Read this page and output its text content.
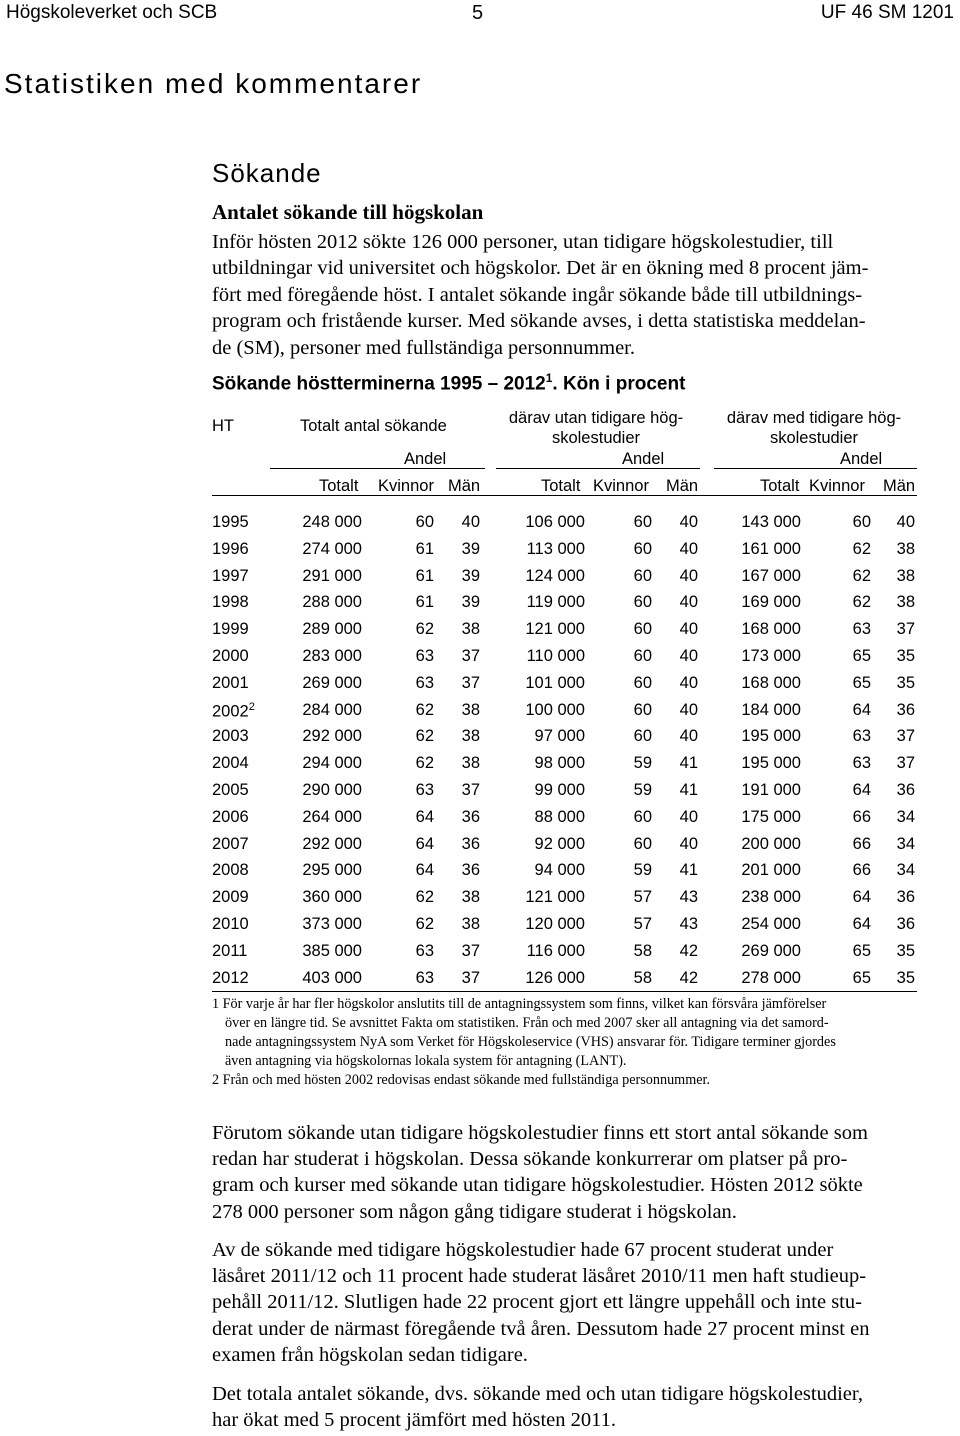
Högskoleverket och SCB	5	UF 46 SM 1201
Statistiken med kommentarer
Sökande
Antalet sökande till högskolan
Inför hösten 2012 sökte 126 000 personer, utan tidigare högskolestudier, till
utbildningar vid universitet och högskolor. Det är en ökning med 8 procent jäm-
fört med föregående höst. I antalet sökande ingår sökande både till utbildnings-
program och fristående kurser. Med sökande avses, i detta statistiska meddelan-
de (SM), personer med fullständiga personnummer.
Sökande höstterminerna 1995 – 2012$^1$. Kön i procent
HT	Totalt antal sökande	därav utan tidigare hög-
skolestudier
därav med tidigare hög-
skolestudier
Andel	Andel	Andel
Totalt Kvinnor Män	Totalt Kvinnor Män	Totalt Kvinnor Män
1995	248 000	60	40	106 000	60	40	143 000	60	40
1996	274 000	61	39	113 000	60	40	161 000	62	38
1997	291 000	61	39	124 000	60	40	167 000	62	38
1998	288 000	61	39	119 000	60	40	169 000	62	38
1999	289 000	62	38	121 000	60	40	168 000	63	37
2000	283 000	63	37	110 000	60	40	173 000	65	35
2001	269 000	63	37	101 000	60	40	168 000	65	35
2002$^2$	284 000	62	38	100 000	60	40	184 000	64	36
2003	292 000	62	38	97 000	60	40	195 000	63	37
2004	294 000	62	38	98 000	59	41	195 000	63	37
2005	290 000	63	37	99 000	59	41	191 000	64	36
2006	264 000	64	36	88 000	60	40	175 000	66	34
2007	292 000	64	36	92 000	60	40	200 000	66	34
2008	295 000	64	36	94 000	59	41	201 000	66	34
2009	360 000	62	38	121 000	57	43	238 000	64	36
2010	373 000	62	38	120 000	57	43	254 000	64	36
2011	385 000	63	37	116 000	58	42	269 000	65	35
2012	403 000	63	37	126 000	58	42	278 000	65	35
1 För varje år har fler högskolor anslutits till de antagningssystem som finns, vilket kan försvåra jämförelser
över en längre tid. Se avsnittet Fakta om statistiken. Från och med 2007 sker all antagning via det samord-
nade antagningssystem NyA som Verket för Högskoleservice (VHS) ansvarar för. Tidigare terminer gjordes
även antagning via högskolornas lokala system för antagning (LANT).
2 Från och med hösten 2002 redovisas endast sökande med fullständiga personnummer.
Förutom sökande utan tidigare högskolestudier finns ett stort antal sökande som
redan har studerat i högskolan. Dessa sökande konkurrerar om platser på pro-
gram och kurser med sökande utan tidigare högskolestudier. Hösten 2012 sökte
278 000 personer som någon gång tidigare studerat i högskolan.
Av de sökande med tidigare högskolestudier hade 67 procent studerat under
läsåret 2011/12 och 11 procent hade studerat läsåret 2010/11 men haft studieup-
pehåll 2011/12. Slutligen hade 22 procent gjort ett längre uppehåll och inte stu-
derat under de närmast föregående två åren. Dessutom hade 27 procent minst en
examen från högskolan sedan tidigare.
Det totala antalet sökande, dvs. sökande med och utan tidigare högskolestudier,
har ökat med 5 procent jämfört med hösten 2011.
